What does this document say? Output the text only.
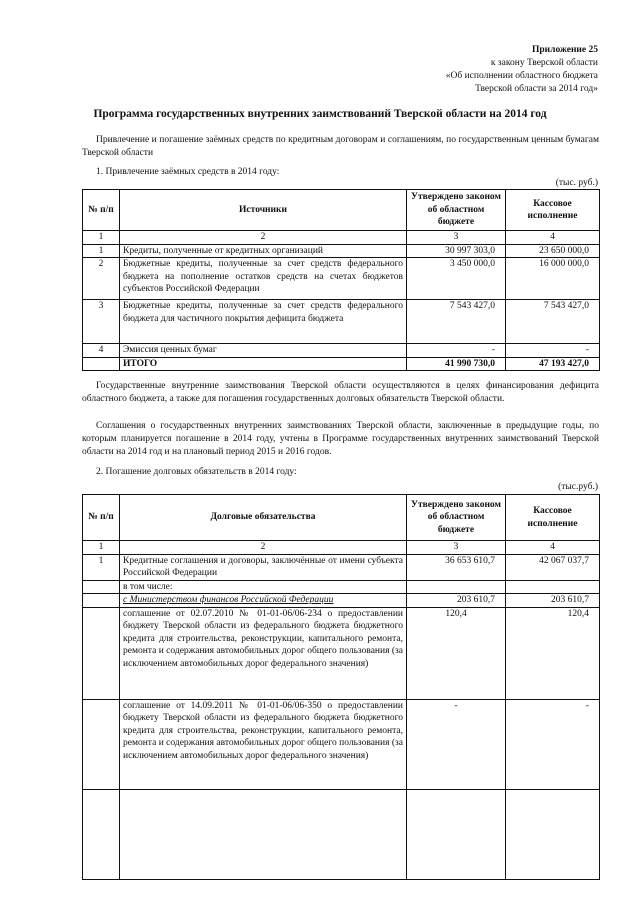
Приложение 25
к закону Тверской области
«Об исполнении областного бюджета
Тверской области за 2014 год»
Программа государственных внутренних заимствований Тверской области на 2014 год
Привлечение и погашение заёмных средств по кредитным договорам и соглашениям, по государственным ценным бумагам Тверской области
1. Привлечение заёмных средств в 2014 году:
(тыс. руб.)
№ п/п	Источники	Утверждено законом об областном бюджете	Кассовое исполнение
1	2	3	4
1	Кредиты, полученные от кредитных организаций	30 997 303,0	23 650 000,0
2	Бюджетные кредиты, полученные за счет средств федерального бюджета на пополнение остатков средств на счетах бюджетов субъектов Российской Федерации	3 450 000,0	16 000 000,0
3	Бюджетные кредиты, полученные за счет средств федерального бюджета для частичного покрытия дефицита бюджета	7 543 427,0	7 543 427,0
4	Эмиссия ценных бумаг	-	-
	ИТОГО	41 990 730,0	47 193 427,0
Государственные внутренние заимствования Тверской области осуществляются в целях финансирования дефицита областного бюджета, а также для погашения государственных долговых обязательств Тверской области.
Соглашения о государственных внутренних заимствованиях Тверской области, заключенные в предыдущие годы, по которым планируется погашение в 2014 году, учтены в Программе государственных внутренних заимствований Тверской области на 2014 год и на плановый период 2015 и 2016 годов.
2. Погашение долговых обязательств в 2014 году:
(тыс.руб.)
№ п/п	Долговые обязательства	Утверждено законом об областном бюджете	Кассовое исполнение
1	2	3	4
1	Кредитные соглашения и договоры, заключённые от имени субъекта Российской Федерации	36 653 610,7	42 067 037,7
	в том числе:		
	с Министерством финансов Российской Федерации	203 610,7	203 610,7
	соглашение от 02.07.2010 № 01-01-06/06-234 о предоставлении бюджету Тверской области из федерального бюджета бюджетного кредита для строительства, реконструкции, капитального ремонта, ремонта и содержания автомобильных дорог общего пользования (за исключением автомобильных дорог федерального значения)	120,4	120,4
	соглашение от 14.09.2011 № 01-01-06/06-350 о предоставлении бюджету Тверской области из федерального бюджета бюджетного кредита для строительства, реконструкции, капитального ремонта, ремонта и содержания автомобильных дорог общего пользования (за исключением автомобильных дорог федерального значения)	-	-
